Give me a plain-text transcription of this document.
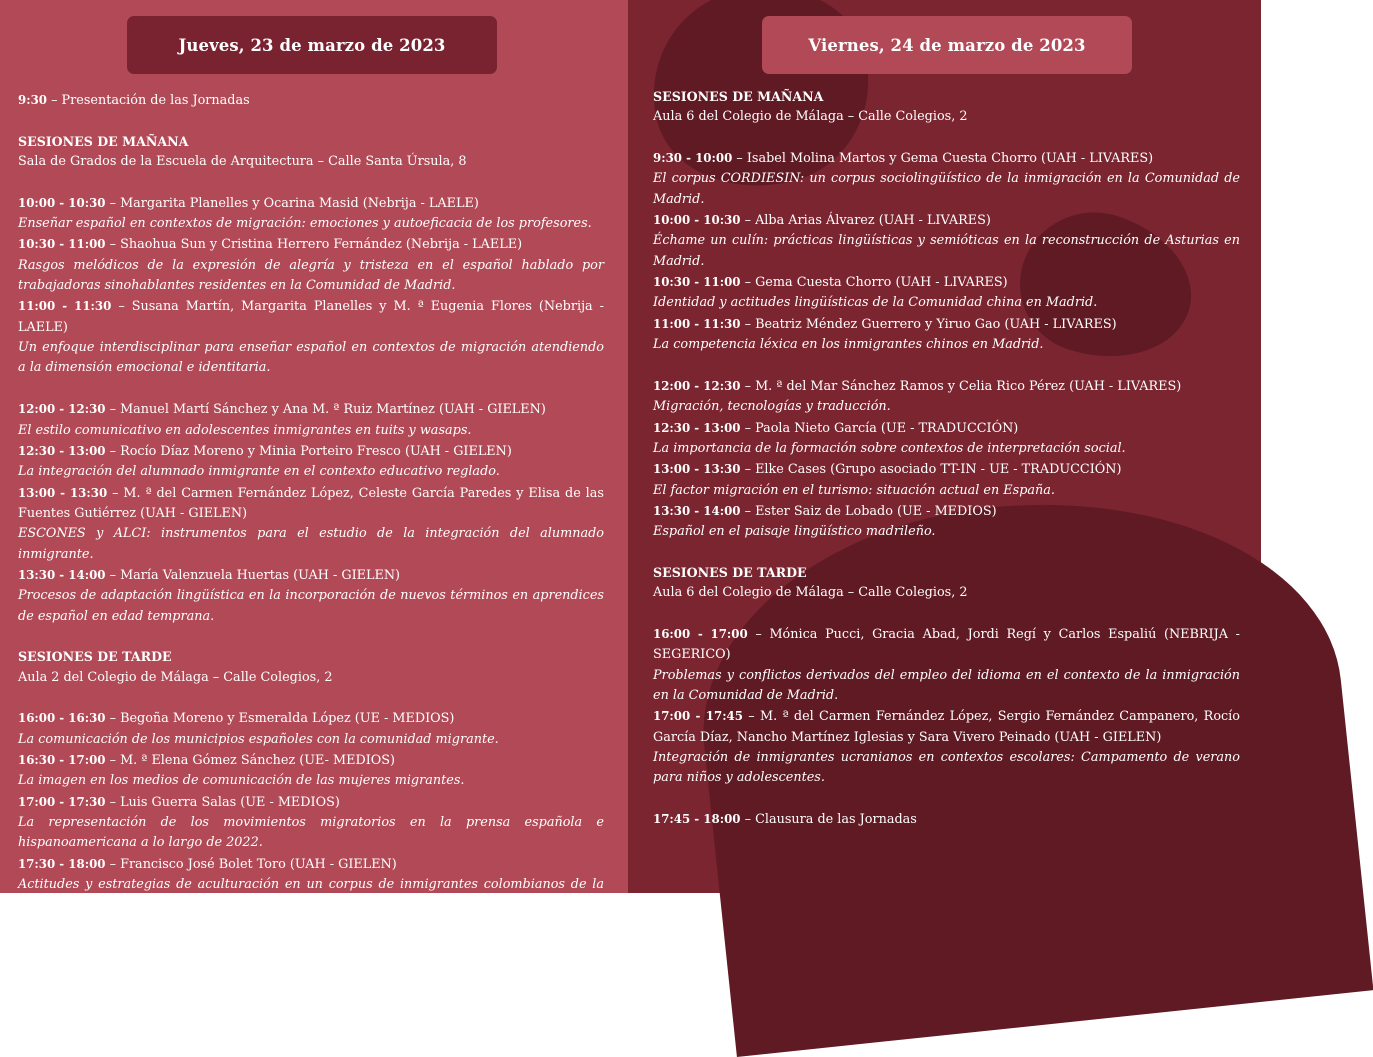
Jueves, 23 de marzo de 2023

9:30 – Presentación de las Jornadas

SESIONES DE MAÑANA

Sala de Grados de la Escuela de Arquitectura – Calle Santa Úrsula, 8

10:00 - 10:30 – Margarita Planelles y Ocarina Masid (Nebrija - LAELE)

Enseñar español en contextos de migración: emociones y autoeficacia de los profesores.

10:30 - 11:00 – Shaohua Sun y Cristina Herrero Fernández (Nebrija - LAELE)

Rasgos melódicos de la expresión de alegría y tristeza en el español hablado por trabajadoras sinohablantes residentes en la Comunidad de Madrid.

11:00 - 11:30 – Susana Martín, Margarita Planelles y M. ª Eugenia Flores (Nebrija - LAELE)

Un enfoque interdisciplinar para enseñar español en contextos de migración atendiendo a la dimensión emocional e identitaria.

12:00 - 12:30 – Manuel Martí Sánchez y Ana M. ª Ruiz Martínez (UAH - GIELEN)

El estilo comunicativo en adolescentes inmigrantes en tuits y wasaps.

12:30 - 13:00 – Rocío Díaz Moreno y Minia Porteiro Fresco (UAH - GIELEN)

La integración del alumnado inmigrante en el contexto educativo reglado.

13:00 - 13:30 – M. ª del Carmen Fernández López, Celeste García Paredes y Elisa de las Fuentes Gutiérrez (UAH - GIELEN)

ESCONES y ALCI: instrumentos para el estudio de la integración del alumnado inmigrante.

13:30 - 14:00 – María Valenzuela Huertas (UAH - GIELEN)

Procesos de adaptación lingüística en la incorporación de nuevos términos en aprendices de español en edad temprana.

SESIONES DE TARDE

Aula 2 del Colegio de Málaga – Calle Colegios, 2

16:00 - 16:30 – Begoña Moreno y Esmeralda López (UE - MEDIOS)

La comunicación de los municipios españoles con la comunidad migrante.

16:30 - 17:00 – M. ª Elena Gómez Sánchez (UE- MEDIOS)

La imagen en los medios de comunicación de las mujeres migrantes.

17:00 - 17:30 – Luis Guerra Salas (UE - MEDIOS)

La representación de los movimientos migratorios en la prensa española e hispanoamericana a lo largo de 2022.

17:30 - 18:00 – Francisco José Bolet Toro (UAH - GIELEN)

Actitudes y estrategias de aculturación en un corpus de inmigrantes colombianos de la Comunidad de Madrid.

Viernes, 24 de marzo de 2023

SESIONES DE MAÑANA

Aula 6 del Colegio de Málaga – Calle Colegios, 2

9:30 - 10:00 – Isabel Molina Martos y Gema Cuesta Chorro (UAH - LIVARES)

El corpus CORDIESIN: un corpus sociolingüístico de la inmigración en la Comunidad de Madrid.

10:00 - 10:30 – Alba Arias Álvarez (UAH - LIVARES)

Échame un culín: prácticas lingüísticas y semióticas en la reconstrucción de Asturias en Madrid.

10:30 - 11:00 – Gema Cuesta Chorro (UAH - LIVARES)

Identidad y actitudes lingüísticas de la Comunidad china en Madrid.

11:00 - 11:30 – Beatriz Méndez Guerrero y Yiruo Gao (UAH - LIVARES)

La competencia léxica en los inmigrantes chinos en Madrid.

12:00 - 12:30 – M. ª del Mar Sánchez Ramos y Celia Rico Pérez (UAH - LIVARES)

Migración, tecnologías y traducción.

12:30 - 13:00 – Paola Nieto García (UE - TRADUCCIÓN)

La importancia de la formación sobre contextos de interpretación social.

13:00 - 13:30 – Elke Cases (Grupo asociado TT-IN - UE - TRADUCCIÓN)

El factor migración en el turismo: situación actual en España.

13:30 - 14:00 – Ester Saiz de Lobado (UE - MEDIOS)

Español en el paisaje lingüístico madrileño.

SESIONES DE TARDE

Aula 6 del Colegio de Málaga – Calle Colegios, 2

16:00 - 17:00 – Mónica Pucci, Gracia Abad, Jordi Regí y Carlos Espaliú (NEBRIJA - SEGERICO)

Problemas y conflictos derivados del empleo del idioma en el contexto de la inmigración en la Comunidad de Madrid.

17:00 - 17:45 – M. ª del Carmen Fernández López, Sergio Fernández Campanero, Rocío García Díaz, Nancho Martínez Iglesias y Sara Vivero Peinado (UAH - GIELEN)

Integración de inmigrantes ucranianos en contextos escolares: Campamento de verano para niños y adolescentes.

17:45 - 18:00 – Clausura de las Jornadas
